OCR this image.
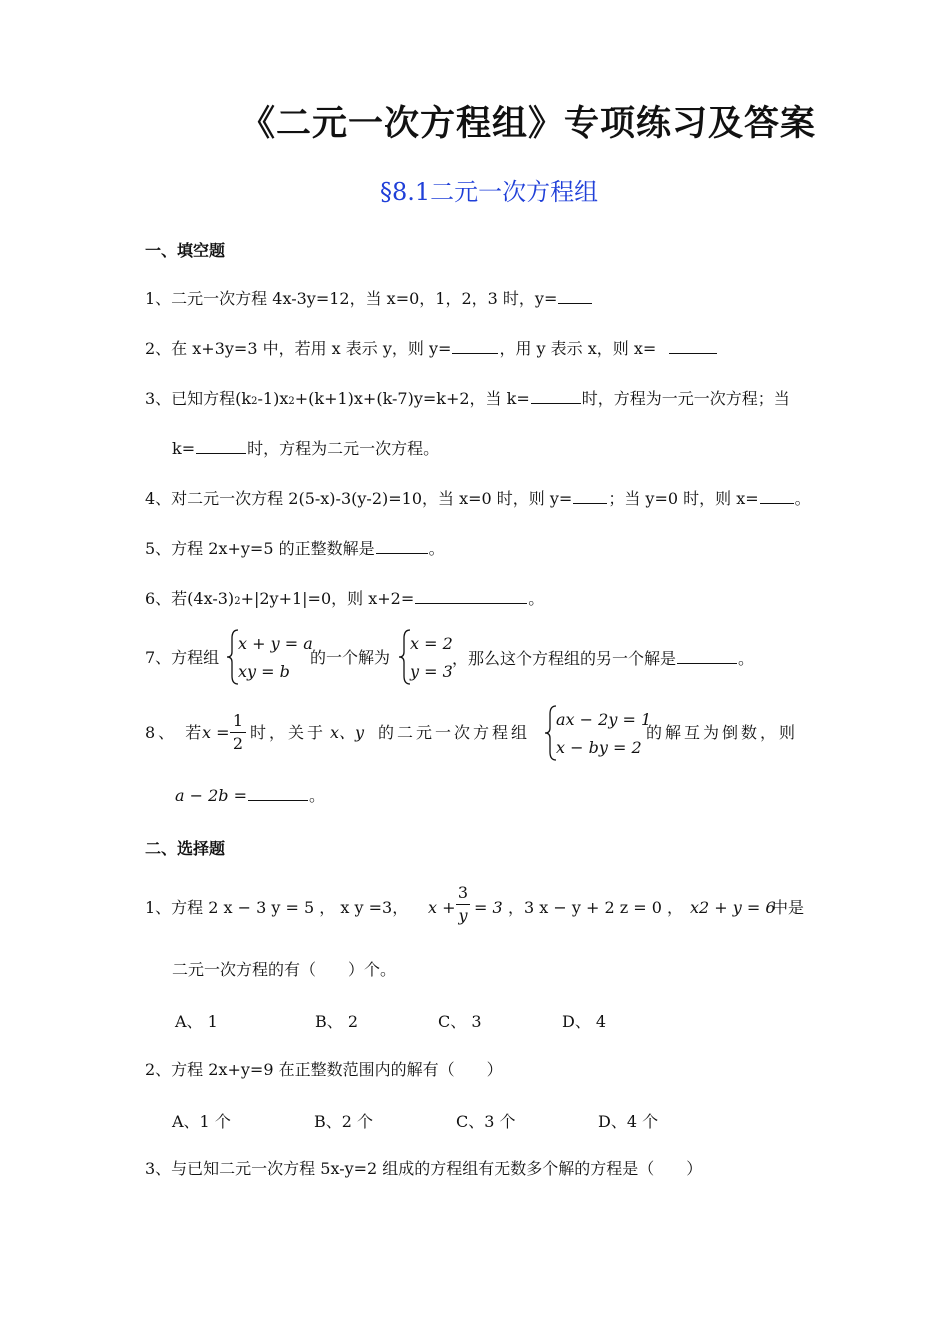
《二元一次方程组》专项练习及答案
§8.1二元一次方程组
一、填空题
1、二元一次方程 4x-3y=12，当 x=0，1，2，3 时，y=
2、在 x+3y=3 中，若用 x 表示 y，则 y=	，用 y 表示 x，则 x=
3、已知方程(k2-1)x2+(k+1)x+(k-7)y=k+2，当 k=	时，方程为一元一次方程；当
k=	时，方程为二元一次方程。
4、对二元一次方程 2(5-x)-3(y-2)=10，当 x=0 时，则 y= ；当 y=0 时，则 x= 。
5、方程 2x+y=5 的正整数解是	。
6、若(4x-3)2+|2y+1|=0，则 x+2=	。
7、方程组
x + y = a
xy = b
的一个解为
x = 2
y = 3
，那么这个方程组的另一个解是	。
8、 若
$x = \frac{1}{2}$ 时，关于 x、y 的二元一次方程组
ax − 2y = 1
x − by = 2
的解互为倒数，则
a − 2b =	。
二、选择题
1、方程 2 x − 3 y = 5 ， x y =3， $x + \frac{3}{y} = 3$ ，3 x − y + 2 z = 0 ， x2 + y = 6
中是
二元一次方程的有（　　）个。
A、 1	B、 2	C、 3	D、 4
2、方程 2x+y=9 在正整数范围内的解有（　　）
A、1 个	B、2 个	C、3 个	D、4 个
3、与已知二元一次方程 5x-y=2 组成的方程组有无数多个解的方程是（　　）
